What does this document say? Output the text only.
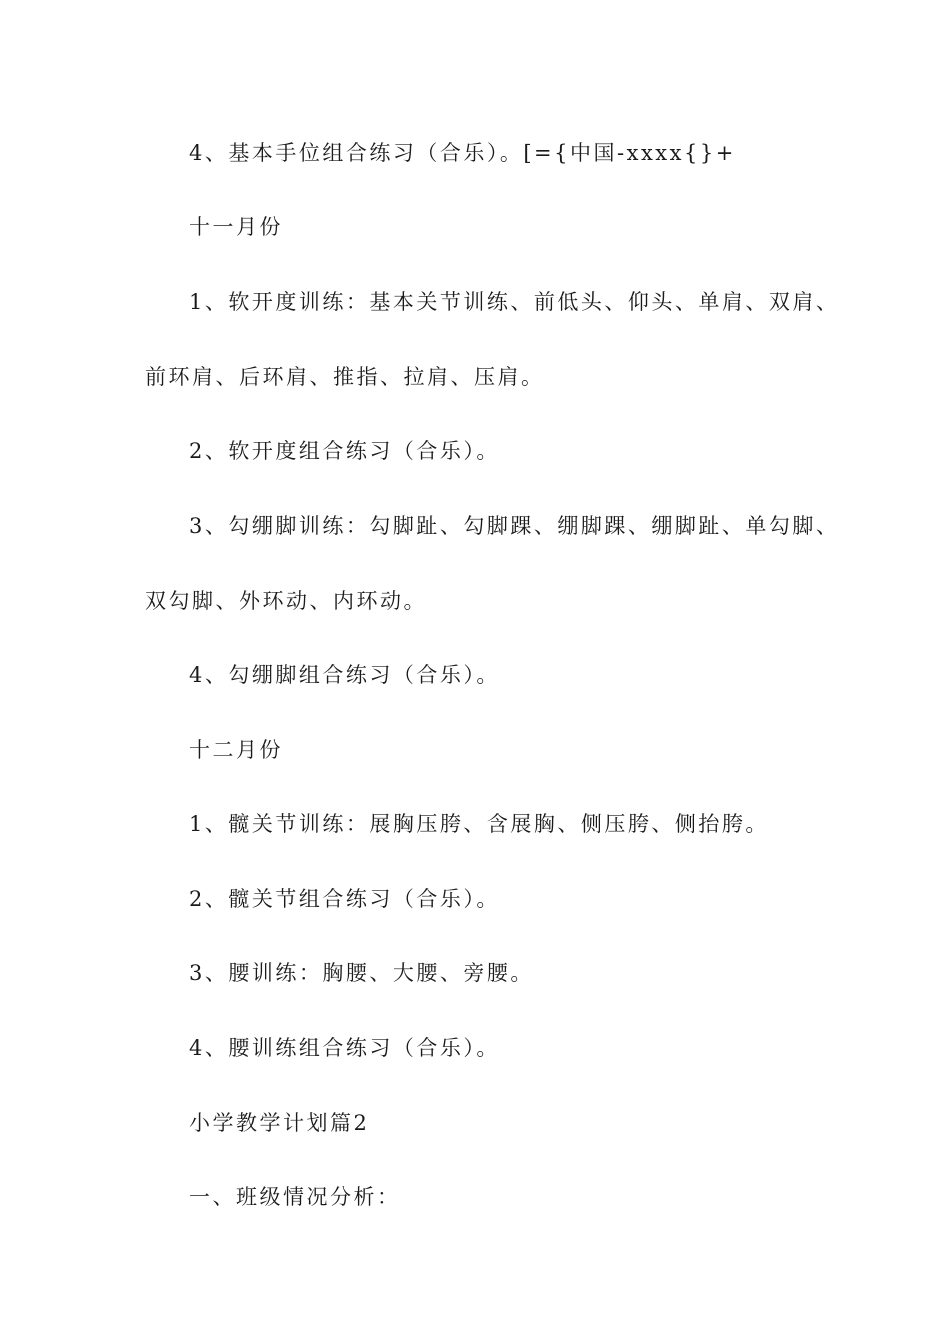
4、基本手位组合练习（合乐）。[={中国-xxxx{}+
十一月份
1、软开度训练：基本关节训练、前低头、仰头、单肩、双肩、
前环肩、后环肩、推指、拉肩、压肩。
2、软开度组合练习（合乐）。
3、勾绷脚训练：勾脚趾、勾脚踝、绷脚踝、绷脚趾、单勾脚、
双勾脚、外环动、内环动。
4、勾绷脚组合练习（合乐）。
十二月份
1、髋关节训练：展胸压胯、含展胸、侧压胯、侧抬胯。
2、髋关节组合练习（合乐）。
3、腰训练：胸腰、大腰、旁腰。
4、腰训练组合练习（合乐）。
小学教学计划篇2
一、班级情况分析：
